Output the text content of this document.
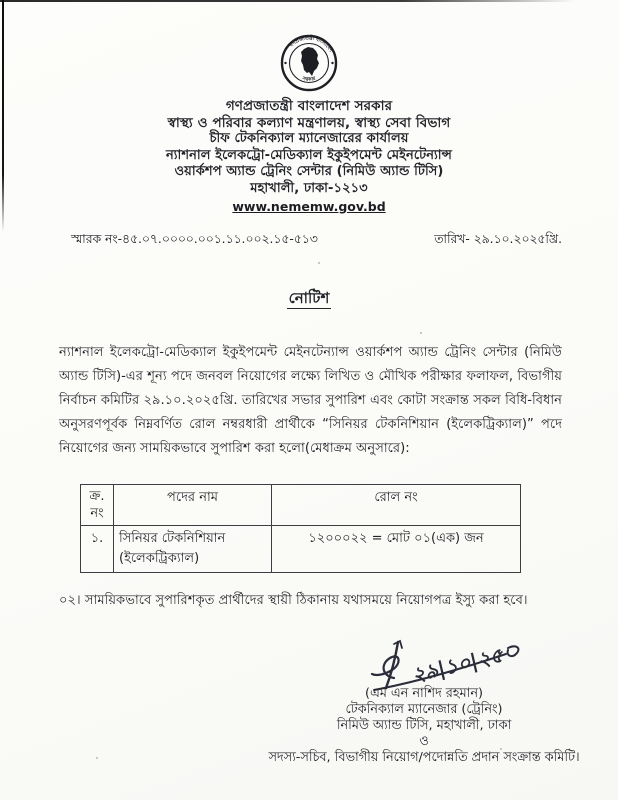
গণপ্রজাতন্ত্রী বাংলাদেশ
সরকার
গণপ্রজাতন্ত্রী বাংলাদেশ সরকার
স্বাস্থ্য ও পরিবার কল্যাণ মন্ত্রণালয়, স্বাস্থ্য সেবা বিভাগ
চীফ টেকনিক্যাল ম্যানেজারের কার্যালয়
ন্যাশনাল ইলেকট্রো-মেডিক্যাল ইকুইপমেন্ট মেইনটেন্যান্স
ওয়ার্কশপ অ্যান্ড ট্রেনিং সেন্টার (নিমিউ অ্যান্ড টিসি)
মহাখালী, ঢাকা-১২১৩
www.nememw.gov.bd
স্মারক নং-৪৫.০৭.০০০০.০০১.১১.০০২.১৫-৫১৩	তারিখ- ২৯.১০.২০২৫খ্রি.
নোটিশ
ন্যাশনাল ইলেকট্রো-মেডিক্যাল ইকুইপমেন্ট মেইনটেন্যান্স ওয়ার্কশপ অ্যান্ড ট্রেনিং সেন্টার (নিমিউ অ্যান্ড টিসি)-এর শূন্য পদে জনবল নিয়োগের লক্ষ্যে লিখিত ও মৌখিক পরীক্ষার ফলাফল, বিভাগীয় নির্বাচন কমিটির ২৯.১০.২০২৫খ্রি. তারিখের সভার সুপারিশ এবং কোটা সংক্রান্ত সকল বিধি-বিধান অনুসরণপূর্বক নিম্নবর্ণিত রোল নম্বরধারী প্রার্থীকে “সিনিয়র টেকনিশিয়ান (ইলেকট্রিক্যাল)” পদে নিয়োগের জন্য সাময়িকভাবে সুপারিশ করা হলো(মেধাক্রম অনুসারে):
ক্র. নং	পদের নাম	রোল নং
১.	সিনিয়র টেকনিশিয়ান (ইলেকট্রিক্যাল)	১২০০০২২ = মোট ০১(এক) জন
০২। সাময়িকভাবে সুপারিশকৃত প্রার্থীদের স্থায়ী ঠিকানায় যথাসময়ে নিয়োগপত্র ইস্যু করা হবে।
২৯|১০|২৫
(এম এন নাশিদ রহমান)
টেকনিক্যাল ম্যানেজার (ট্রেনিং)
নিমিউ অ্যান্ড টিসি, মহাখালী, ঢাকা
ও
সদস্য-সচিব, বিভাগীয় নিয়োগ/পদোন্নতি প্রদান সংক্রান্ত কমিটি।
